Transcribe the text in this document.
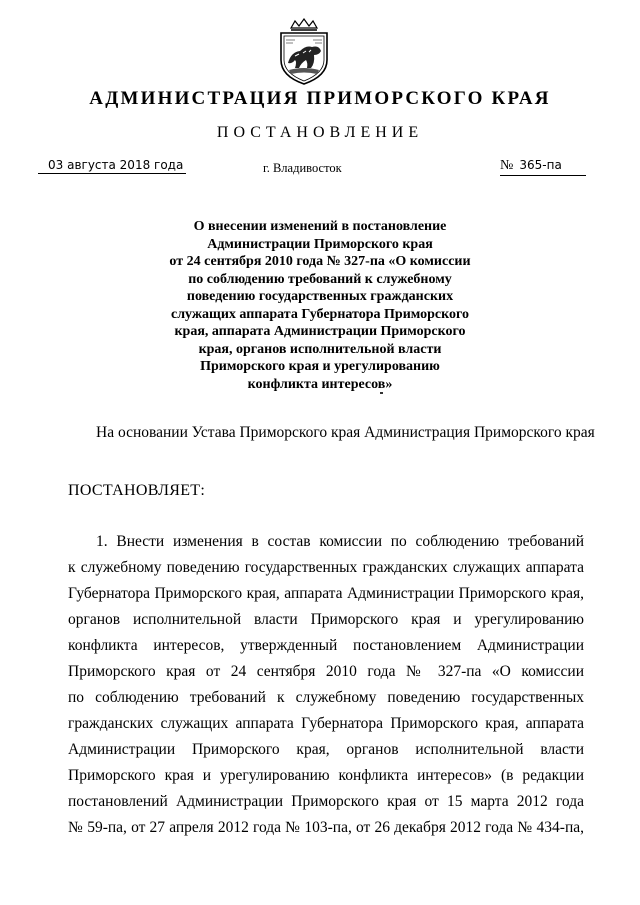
АДМИНИСТРАЦИЯ ПРИМОРСКОГО КРАЯ
ПОСТАНОВЛЕНИЕ
03 августа 2018 года	г. Владивосток	№ 365-па
О внесении изменений в постановление
Администрации Приморского края
от 24 сентября 2010 года № 327-па «О комиссии
по соблюдению требований к служебному
поведению государственных гражданских
служащих аппарата Губернатора Приморского
края, аппарата Администрации Приморского
края, органов исполнительной власти
Приморского края и урегулированию
конфликта интересов»
На основании Устава Приморского края Администрация Приморского края
ПОСТАНОВЛЯЕТ:
1. Внести изменения в состав комиссии по соблюдению требований
к служебному поведению государственных гражданских служащих аппарата
Губернатора Приморского края, аппарата Администрации Приморского края,
органов исполнительной власти Приморского края и урегулированию
конфликта интересов, утвержденный постановлением Администрации
Приморского края от 24 сентября 2010 года № 327-па «О комиссии
по соблюдению требований к служебному поведению государственных
гражданских служащих аппарата Губернатора Приморского края, аппарата
Администрации Приморского края, органов исполнительной власти
Приморского края и урегулированию конфликта интересов» (в редакции
постановлений Администрации Приморского края от 15 марта 2012 года
№ 59-па, от 27 апреля 2012 года № 103-па, от 26 декабря 2012 года № 434-па,
